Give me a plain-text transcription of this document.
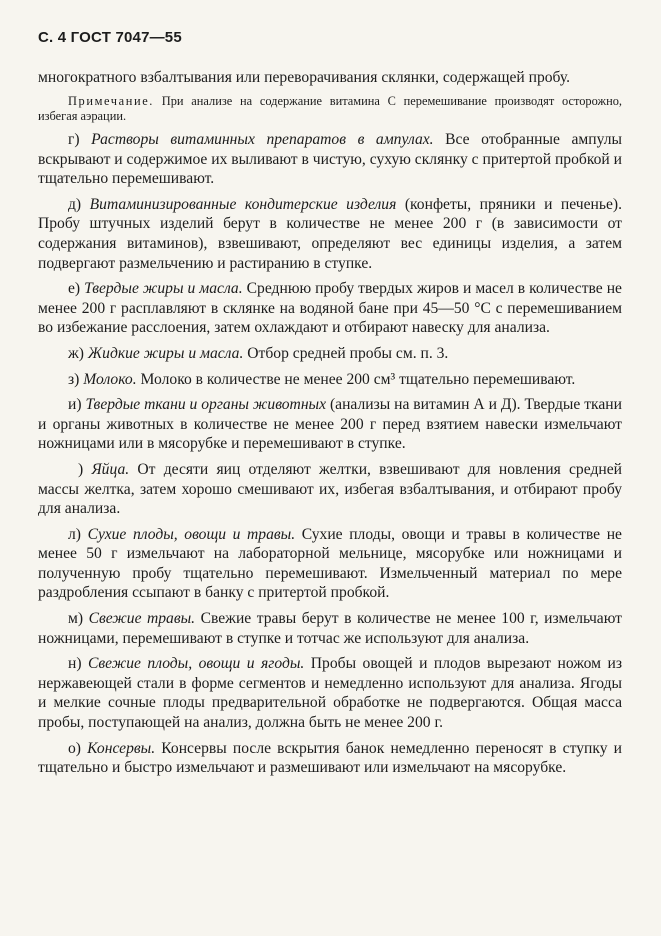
С. 4 ГОСТ 7047—55

многократного взбалтывания или переворачивания склянки, содержащей пробу.

Примечание. При анализе на содержание витамина С перемешивание производят осторожно, избегая аэрации.

г) Растворы витаминных препаратов в ампулах. Все отобранные ампулы вскрывают и содержимое их выливают в чистую, сухую склянку с притертой пробкой и тщательно перемешивают.

д) Витаминизированные кондитерские изделия (конфеты, пряники и печенье). Пробу штучных изделий берут в количестве не менее 200 г (в зависимости от содержания витаминов), взвешивают, определяют вес единицы изделия, а затем подвергают размельчению и растиранию в ступке.

е) Твердые жиры и масла. Среднюю пробу твердых жиров и масел в количестве не менее 200 г расплавляют в склянке на водяной бане при 45—50 °С с перемешиванием во избежание расслоения, затем охлаждают и отбирают навеску для анализа.

ж) Жидкие жиры и масла. Отбор средней пробы см. п. 3.

з) Молоко. Молоко в количестве не менее 200 см³ тщательно перемешивают.

и) Твердые ткани и органы животных (анализы на витамин А и Д). Твердые ткани и органы животных в количестве не менее 200 г перед взятием навески измельчают ножницами или в мясорубке и перемешивают в ступке.

) Яйца. От десяти яиц отделяют желтки, взвешивают для новления средней массы желтка, затем хорошо смешивают их, избегая взбалтывания, и отбирают пробу для анализа.

л) Сухие плоды, овощи и травы. Сухие плоды, овощи и травы в количестве не менее 50 г измельчают на лабораторной мельнице, мясорубке или ножницами и полученную пробу тщательно перемешивают. Измельченный материал по мере раздробления ссыпают в банку с притертой пробкой.

м) Свежие травы. Свежие травы берут в количестве не менее 100 г, измельчают ножницами, перемешивают в ступке и тотчас же используют для анализа.

н) Свежие плоды, овощи и ягоды. Пробы овощей и плодов вырезают ножом из нержавеющей стали в форме сегментов и немедленно используют для анализа. Ягоды и мелкие сочные плоды предварительной обработке не подвергаются. Общая масса пробы, поступающей на анализ, должна быть не менее 200 г.

о) Консервы. Консервы после вскрытия банок немедленно переносят в ступку и тщательно и быстро измельчают и размешивают или измельчают на мясорубке.
